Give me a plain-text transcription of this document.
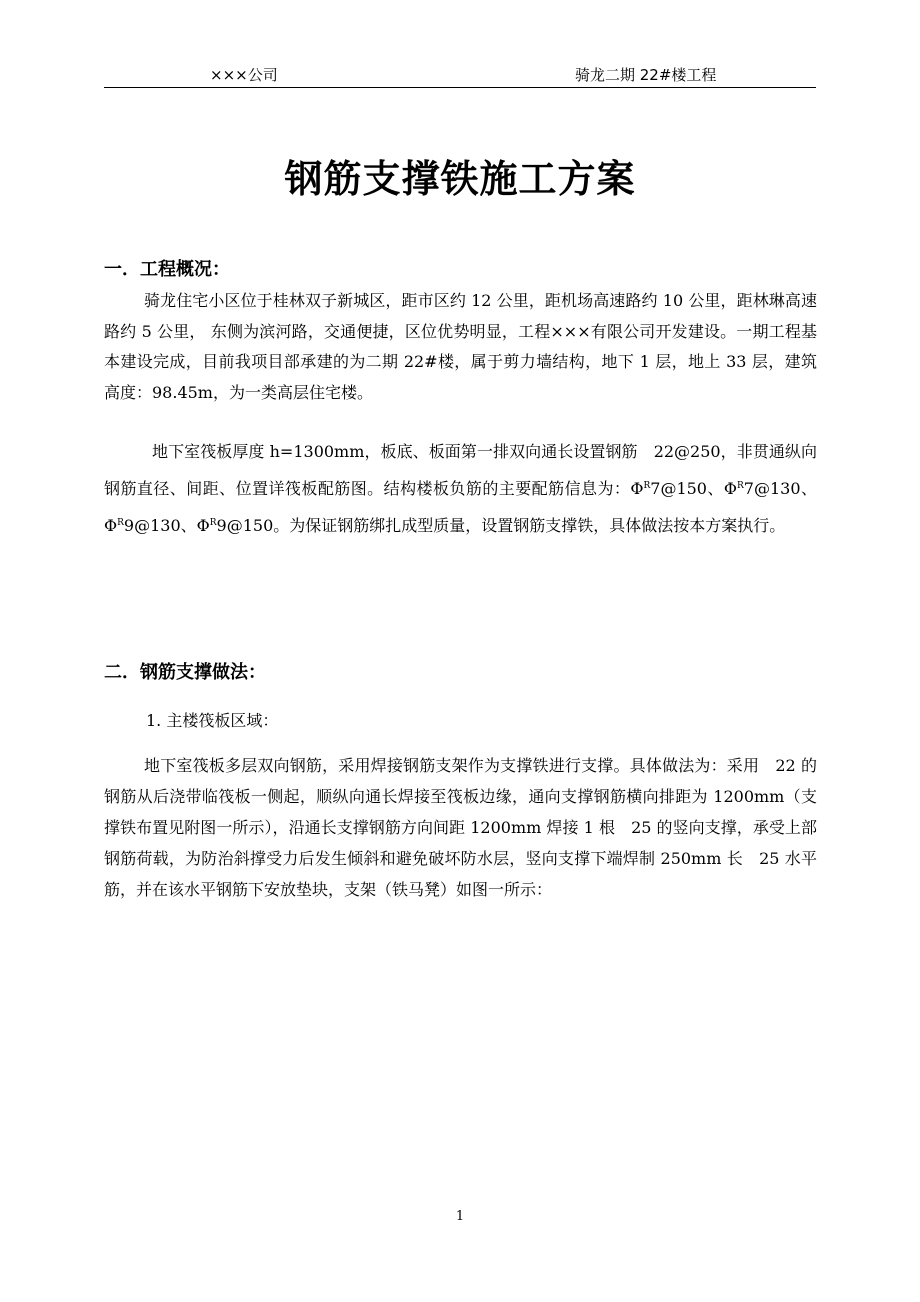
×××公司	骑龙二期 22#楼工程
钢筋支撑铁施工方案
一．工程概况：
骑龙住宅小区位于桂林双子新城区，距市区约 12 公里，距机场高速路约 10 公里，距林琳高速路约 5 公里， 东侧为滨河路，交通便捷，区位优势明显，工程×××有限公司开发建设。一期工程基本建设完成，目前我项目部承建的为二期 22#楼，属于剪力墙结构，地下 1 层，地上 33 层，建筑高度：98.45m，为一类高层住宅楼。
地下室筏板厚度 h=1300mm，板底、板面第一排双向通长设置钢筋　22@250，非贯通纵向钢筋直径、间距、位置详筏板配筋图。结构楼板负筋的主要配筋信息为：$\Phi^R7@150$、$\Phi^R7@130$、$\Phi^R9@130$、$\Phi^R9@150$。为保证钢筋绑扎成型质量，设置钢筋支撑铁，具体做法按本方案执行。
二．钢筋支撑做法：
1. 主楼筏板区域：
地下室筏板多层双向钢筋，采用焊接钢筋支架作为支撑铁进行支撑。具体做法为：采用　22 的钢筋从后浇带临筏板一侧起，顺纵向通长焊接至筏板边缘，通向支撑钢筋横向排距为 1200mm（支撑铁布置见附图一所示），沿通长支撑钢筋方向间距 1200mm 焊接 1 根　25 的竖向支撑，承受上部钢筋荷载，为防治斜撑受力后发生倾斜和避免破坏防水层，竖向支撑下端焊制 250mm 长　25 水平筋，并在该水平钢筋下安放垫块，支架（铁马凳）如图一所示：
1
